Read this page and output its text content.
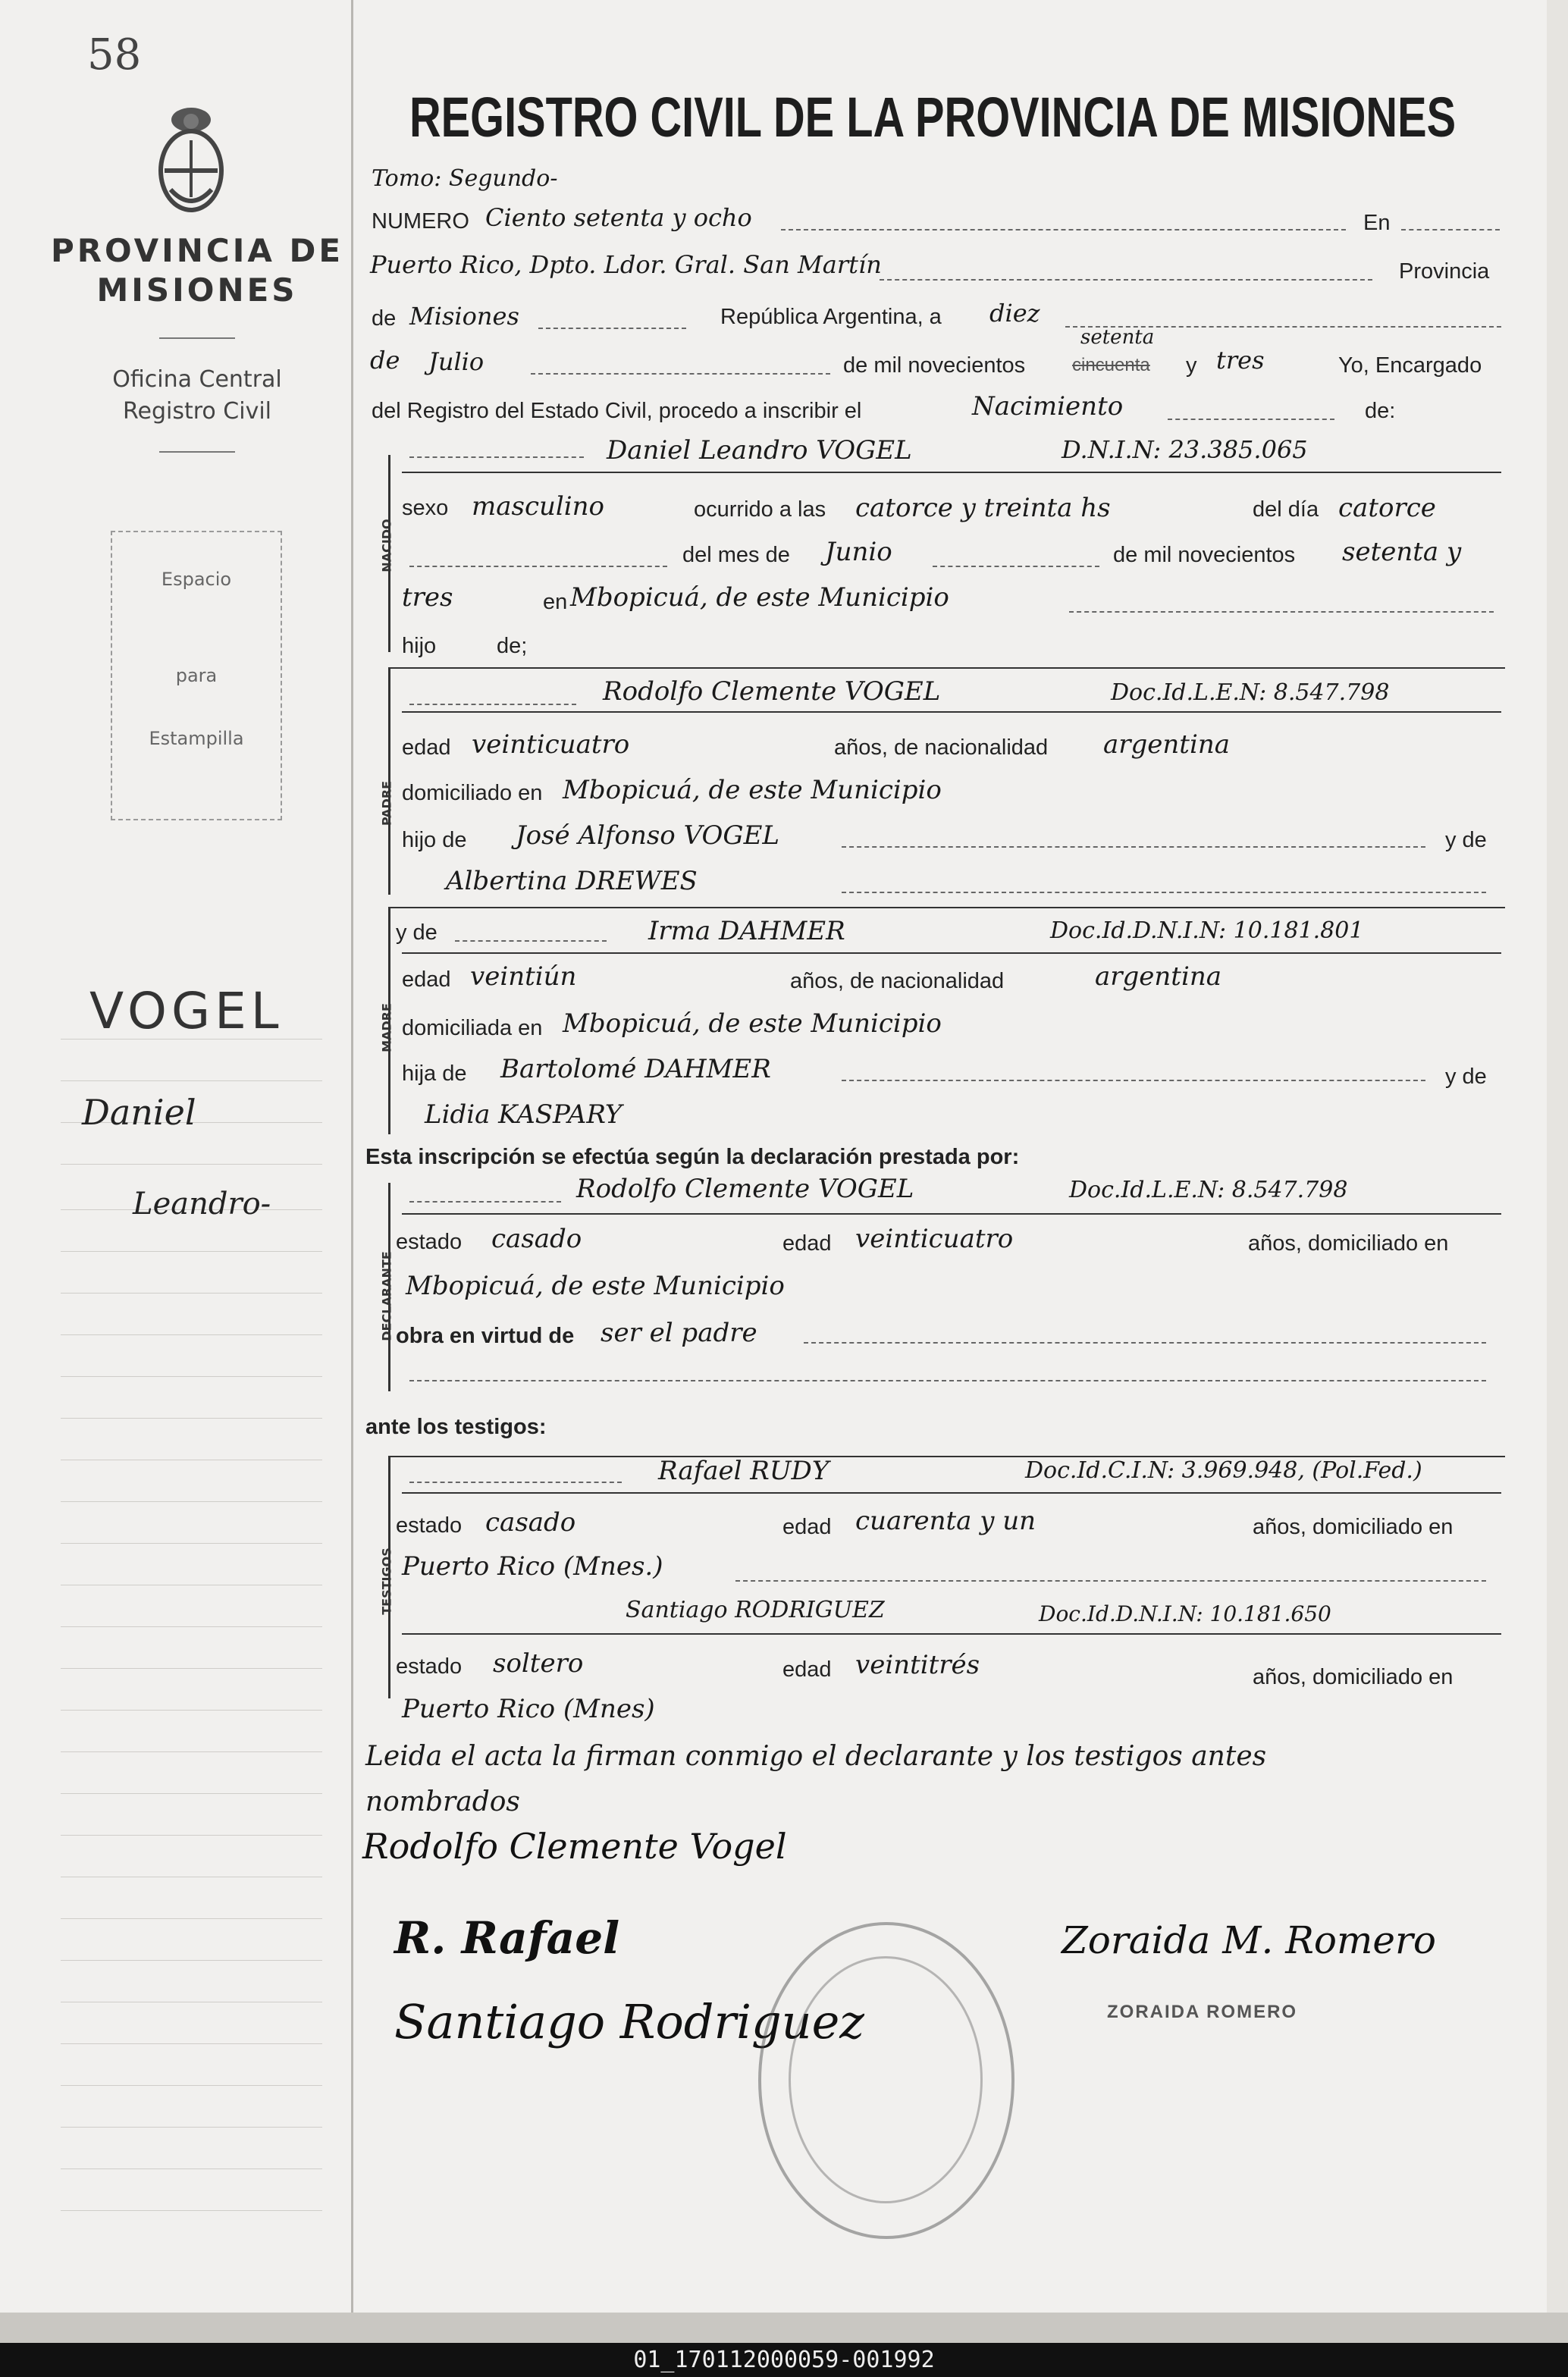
58
PROVINCIA DE MISIONES
Oficina Central
Registro Civil
Espacio
para
Estampilla
VOGEL
Daniel
Leandro-
REGISTRO CIVIL DE LA PROVINCIA DE MISIONES
Tomo: Segundo-
NUMERO Ciento setenta y ocho	En
Puerto Rico, Dpto. Ldor. Gral. San Martín	Provincia
de Misiones	República Argentina, a diez
de Julio	de mil novecientos	cincuenta
setenta
y tres	Yo, Encargado
del Registro del Estado Civil, procedo a inscribir el	Nacimiento	de:
NACIDO
Daniel Leandro VOGEL	D.N.I.N: 23.385.065
sexo masculino	ocurrido a las catorce y treinta hs	del día catorce
del mes de Junio	de mil novecientos setenta y
tres	en Mbopicuá, de este Municipio
hijo	de;
PADRE
Rodolfo Clemente VOGEL	Doc.Id.L.E.N: 8.547.798
edad veinticuatro	años, de nacionalidad argentina
domiciliado en Mbopicuá, de este Municipio
hijo de José Alfonso VOGEL	y de
Albertina DREWES
MADRE
y de	Irma DAHMER	Doc.Id.D.N.I.N: 10.181.801
edad veintiún	años, de nacionalidad	argentina
domiciliada en Mbopicuá, de este Municipio
hija de Bartolomé DAHMER	y de
Lidia KASPARY
Esta inscripción se efectúa según la declaración prestada por:
DECLARANTE
Rodolfo Clemente VOGEL	Doc.Id.L.E.N: 8.547.798
estado casado	edad veinticuatro	años, domiciliado en
Mbopicuá, de este Municipio
obra en virtud de ser el padre
ante los testigos:
TESTIGOS
Rafael RUDY	Doc.Id.C.I.N: 3.969.948, (Pol.Fed.)
estado casado	edad cuarenta y un	años, domiciliado en
Puerto Rico (Mnes.)
Santiago RODRIGUEZ	Doc.Id.D.N.I.N: 10.181.650
estado soltero	edad veintitrés	años, domiciliado en
Puerto Rico (Mnes)
Leida el acta la firman conmigo el declarante y los testigos antes
nombrados
Rodolfo Clemente Vogel
R. Rafael
Santiago Rodriguez
Zoraida M. Romero
ZORAIDA ROMERO
01_170112000059-001992
